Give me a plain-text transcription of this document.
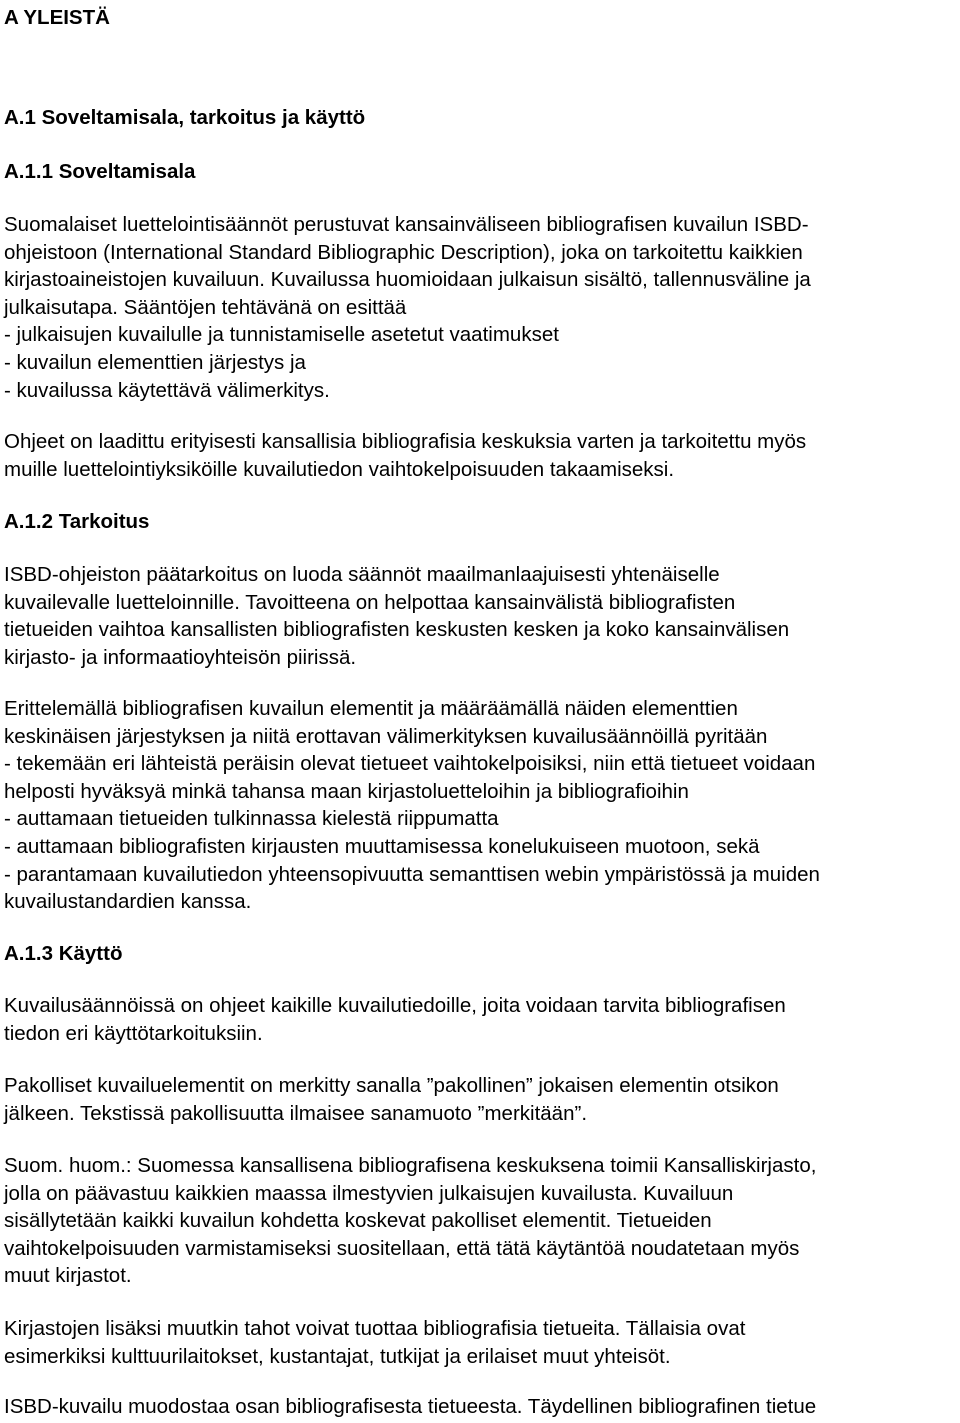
A YLEISTÄ
A.1 Soveltamisala, tarkoitus ja käyttö
A.1.1 Soveltamisala
Suomalaiset luettelointisäännöt perustuvat kansainväliseen bibliografisen kuvailun ISBD-
ohjeistoon (International Standard Bibliographic Description), joka on tarkoitettu kaikkien
kirjastoaineistojen kuvailuun. Kuvailussa huomioidaan julkaisun sisältö, tallennusväline ja
julkaisutapa. Sääntöjen tehtävänä on esittää
- julkaisujen kuvailulle ja tunnistamiselle asetetut vaatimukset
- kuvailun elementtien järjestys ja
- kuvailussa käytettävä välimerkitys.
Ohjeet on laadittu erityisesti kansallisia bibliografisia keskuksia varten ja tarkoitettu myös
muille luettelointiyksiköille kuvailutiedon vaihtokelpoisuuden takaamiseksi.
A.1.2 Tarkoitus
ISBD-ohjeiston päätarkoitus on luoda säännöt maailmanlaajuisesti yhtenäiselle
kuvailevalle luetteloinnille. Tavoitteena on helpottaa kansainvälistä bibliografisten
tietueiden vaihtoa kansallisten bibliografisten keskusten kesken ja koko kansainvälisen
kirjasto- ja informaatioyhteisön piirissä.
Erittelemällä bibliografisen kuvailun elementit ja määräämällä näiden elementtien
keskinäisen järjestyksen ja niitä erottavan välimerkityksen kuvailusäännöillä pyritään
- tekemään eri lähteistä peräisin olevat tietueet vaihtokelpoisiksi, niin että tietueet voidaan
helposti hyväksyä minkä tahansa maan kirjastoluetteloihin ja bibliografioihin
- auttamaan tietueiden tulkinnassa kielestä riippumatta
- auttamaan bibliografisten kirjausten muuttamisessa konelukuiseen muotoon, sekä
- parantamaan kuvailutiedon yhteensopivuutta semanttisen webin ympäristössä ja muiden
kuvailustandardien kanssa.
A.1.3 Käyttö
Kuvailusäännöissä on ohjeet kaikille kuvailutiedoille, joita voidaan tarvita bibliografisen
tiedon eri käyttötarkoituksiin.
Pakolliset kuvailuelementit on merkitty sanalla ”pakollinen” jokaisen elementin otsikon
jälkeen. Tekstissä pakollisuutta ilmaisee sanamuoto ”merkitään”.
Suom. huom.: Suomessa kansallisena bibliografisena keskuksena toimii Kansalliskirjasto,
jolla on päävastuu kaikkien maassa ilmestyvien julkaisujen kuvailusta. Kuvailuun
sisällytetään kaikki kuvailun kohdetta koskevat pakolliset elementit. Tietueiden
vaihtokelpoisuuden varmistamiseksi suositellaan, että tätä käytäntöä noudatetaan myös
muut kirjastot.
Kirjastojen lisäksi muutkin tahot voivat tuottaa bibliografisia tietueita. Tällaisia ovat
esimerkiksi kulttuurilaitokset, kustantajat, tutkijat ja erilaiset muut yhteisöt.
ISBD-kuvailu muodostaa osan bibliografisesta tietueesta. Täydellinen bibliografinen tietue
